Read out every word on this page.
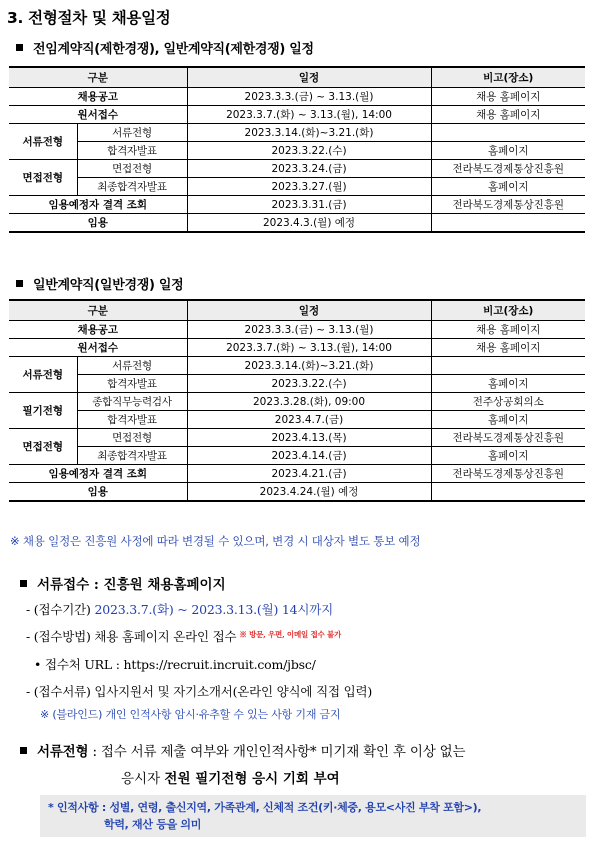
3. 전형절차 및 채용일정
전임계약직(제한경쟁), 일반계약직(제한경쟁) 일정
구분		일정	비고(장소)
채용공고		2023.3.3.(금) ~ 3.13.(월)	채용 홈페이지
원서접수		2023.3.7.(화) ~ 3.13.(월), 14:00	채용 홈페이지
서류전형	서류전형	2023.3.14.(화)~3.21.(화)	
	합격자발표	2023.3.22.(수)	홈페이지
면접전형	면접전형	2023.3.24.(금)	전라북도경제통상진흥원
	최종합격자발표	2023.3.27.(월)	홈페이지
임용예정자 결격 조회		2023.3.31.(금)	전라북도경제통상진흥원
임용		2023.4.3.(월) 예정	
일반계약직(일반경쟁) 일정
구분		일정	비고(장소)
채용공고		2023.3.3.(금) ~ 3.13.(월)	채용 홈페이지
원서접수		2023.3.7.(화) ~ 3.13.(월), 14:00	채용 홈페이지
서류전형	서류전형	2023.3.14.(화)~3.21.(화)	
	합격자발표	2023.3.22.(수)	홈페이지
필기전형	종합직무능력검사	2023.3.28.(화), 09:00	전주상공회의소
	합격자발표	2023.4.7.(금)	홈페이지
면접전형	면접전형	2023.4.13.(목)	전라북도경제통상진흥원
	최종합격자발표	2023.4.14.(금)	홈페이지
임용예정자 결격 조회		2023.4.21.(금)	전라북도경제통상진흥원
임용		2023.4.24.(월) 예정	
※ 채용 일정은 진흥원 사정에 따라 변경될 수 있으며, 변경 시 대상자 별도 통보 예정
서류접수 : 진흥원 채용홈페이지
- (접수기간) 2023.3.7.(화) ~ 2023.3.13.(월) 14시까지
- (접수방법) 채용 홈페이지 온라인 접수 $^{※ 방문, 우편, 이메일 접수 불가}$
• 접수처 URL : https://recruit.incruit.com/jbsc/
- (접수서류) 입사지원서 및 자기소개서(온라인 양식에 직접 입력)
※ (블라인드) 개인 인적사항 암시·유추할 수 있는 사항 기재 금지
서류전형 : 접수 서류 제출 여부와 개인인적사항* 미기재 확인 후 이상 없는
응시자 전원 필기전형 응시 기회 부여
* 인적사항 : 성별, 연령, 출신지역, 가족관계, 신체적 조건(키·체중, 용모<사진 부착 포함>),
학력, 재산 등을 의미
